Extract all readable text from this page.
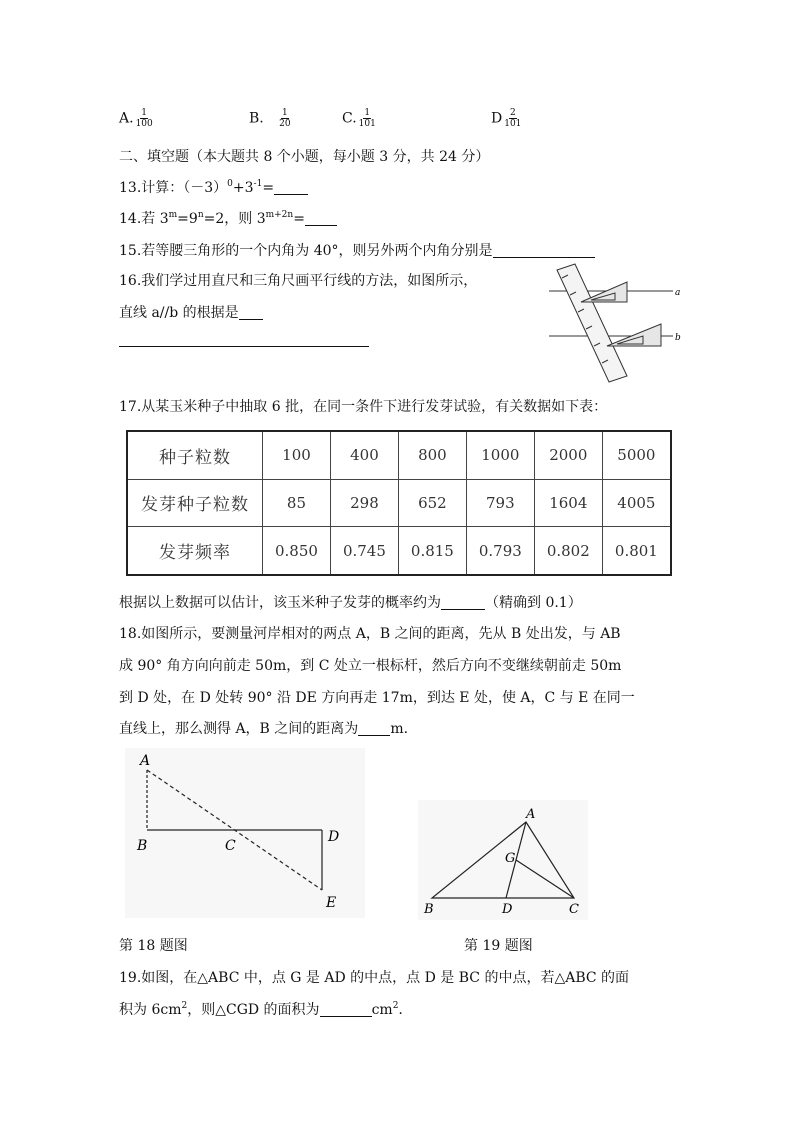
A. $\frac{1}{100}$	B. $\frac{1}{20}$	C. $\frac{1}{101}$	D $\frac{2}{101}$
二、填空题（本大题共 8 个小题，每小题 3 分，共 24 分）
13.计算：$(-3)^0+3^{-1}=$
14.若 $3^m=9^n=2$，则 $3^{m+2n}=$
15.若等腰三角形的一个内角为 40°，则另外两个内角分别是
16.我们学过用直尺和三角尺画平行线的方法，如图所示，
直线 a//b 的根据是
a
b
17.从某玉米种子中抽取 6 批，在同一条件下进行发芽试验，有关数据如下表：
种子粒数	100	400	800	1000	2000	5000
发芽种子粒数	85	298	652	793	1604	4005
发芽频率	0.850	0.745	0.815	0.793	0.802	0.801
根据以上数据可以估计，该玉米种子发芽的概率约为	（精确到 0.1）
18.如图所示，要测量河岸相对的两点 A，B 之间的距离，先从 B 处出发，与 AB
成 90° 角方向向前走 50m，到 C 处立一根标杆，然后方向不变继续朝前走 50m
到 D 处，在 D 处转 90° 沿 DE 方向再走 17m，到达 E 处，使 A，C 与 E 在同一
直线上，那么测得 A，B 之间的距离为 m.
A
B	C
D
E
A
B	D	C
G
第 18 题图	第 19 题图
19.如图，在△ABC 中，点 G 是 AD 的中点，点 D 是 BC 的中点，若△ABC 的面
积为 $6cm^2$，则△CGD 的面积为	$cm^2$.
